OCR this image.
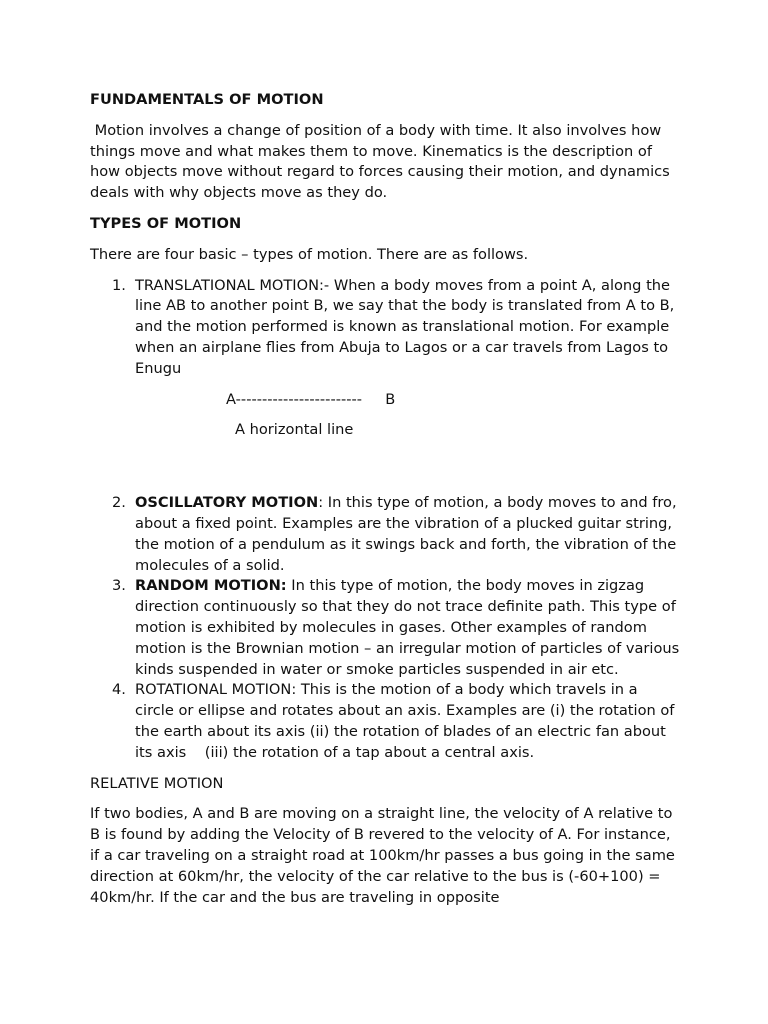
FUNDAMENTALS OF MOTION
Motion involves a change of position of a body with time. It also involves how things move and what makes them to move. Kinematics is the description of how objects move without regard to forces causing their motion, and dynamics deals with why objects move as they do.
TYPES OF MOTION
There are four basic – types of motion. There are as follows.
1. TRANSLATIONAL MOTION:- When a body moves from a point A, along the line AB to another point B, we say that the body is translated from A to B, and the motion performed is known as translational motion. For example when an airplane flies from Abuja to Lagos or a car travels from Lagos to Enugu
A------------------------     B
A horizontal line
2. OSCILLATORY MOTION: In this type of motion, a body moves to and fro, about a fixed point. Examples are the vibration of a plucked guitar string, the motion of a pendulum as it swings back and forth, the vibration of the molecules of a solid.
3. RANDOM MOTION: In this type of motion, the body moves in zigzag direction continuously so that they do not trace definite path. This type of motion is exhibited by molecules in gases. Other examples of random motion is the Brownian motion – an irregular motion of particles of various kinds suspended in water or smoke particles suspended in air etc.
4. ROTATIONAL MOTION: This is the motion of a body which travels in a circle or ellipse and rotates about an axis. Examples are (i) the rotation of the earth about its axis (ii) the rotation of blades of an electric fan about its axis    (iii) the rotation of a tap about a central axis.
RELATIVE MOTION
If two bodies, A and B are moving on a straight line, the velocity of A relative to B is found by adding the Velocity of B revered to the velocity of A. For instance, if a car traveling on a straight road at 100km/hr passes a bus going in the same direction at 60km/hr, the velocity of the car relative to the bus is (-60+100) = 40km/hr. If the car and the bus are traveling in opposite
